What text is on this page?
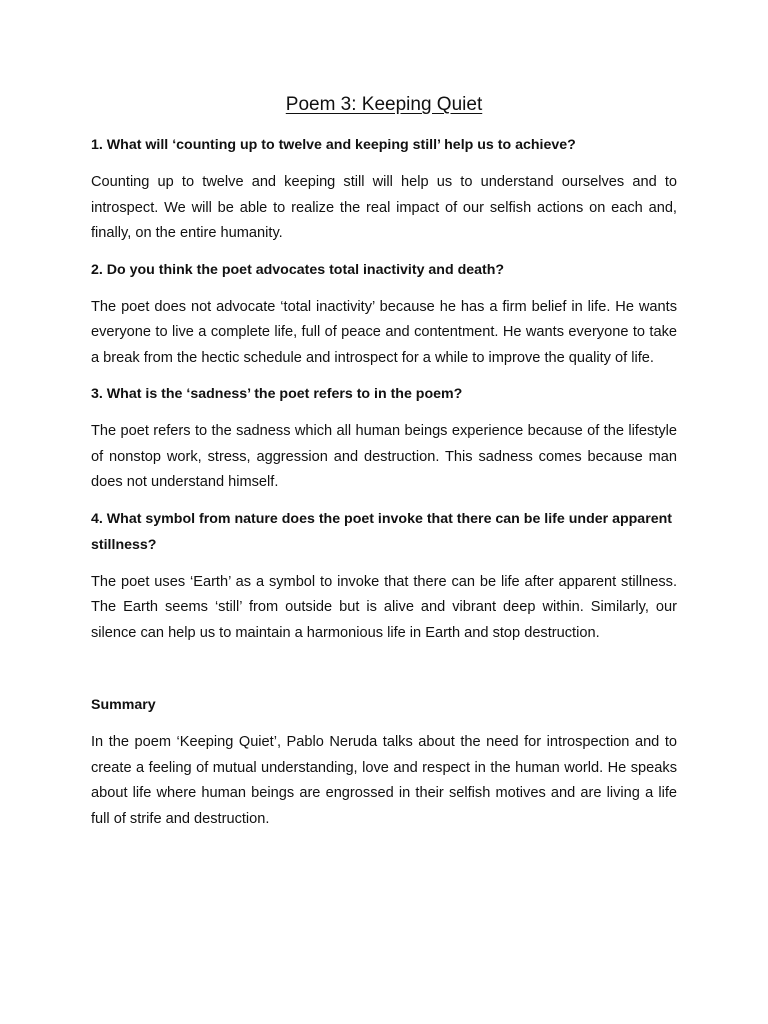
Poem 3: Keeping Quiet

1. What will ‘counting up to twelve and keeping still’ help us to achieve?

Counting up to twelve and keeping still will help us to understand ourselves and to introspect. We will be able to realize the real impact of our selfish actions on each and, finally, on the entire humanity.

2. Do you think the poet advocates total inactivity and death?

The poet does not advocate ‘total inactivity’ because he has a firm belief in life. He wants everyone to live a complete life, full of peace and contentment. He wants everyone to take a break from the hectic schedule and introspect for a while to improve the quality of life.

3. What is the ‘sadness’ the poet refers to in the poem?

The poet refers to the sadness which all human beings experience because of the lifestyle of nonstop work, stress, aggression and destruction. This sadness comes because man does not understand himself.

4. What symbol from nature does the poet invoke that there can be life under apparent stillness?

The poet uses ‘Earth’ as a symbol to invoke that there can be life after apparent stillness. The Earth seems ‘still’ from outside but is alive and vibrant deep within. Similarly, our silence can help us to maintain a harmonious life in Earth and stop destruction.

Summary

In the poem ‘Keeping Quiet’, Pablo Neruda talks about the need for introspection and to create a feeling of mutual understanding, love and respect in the human world. He speaks about life where human beings are engrossed in their selfish motives and are living a life full of strife and destruction.
